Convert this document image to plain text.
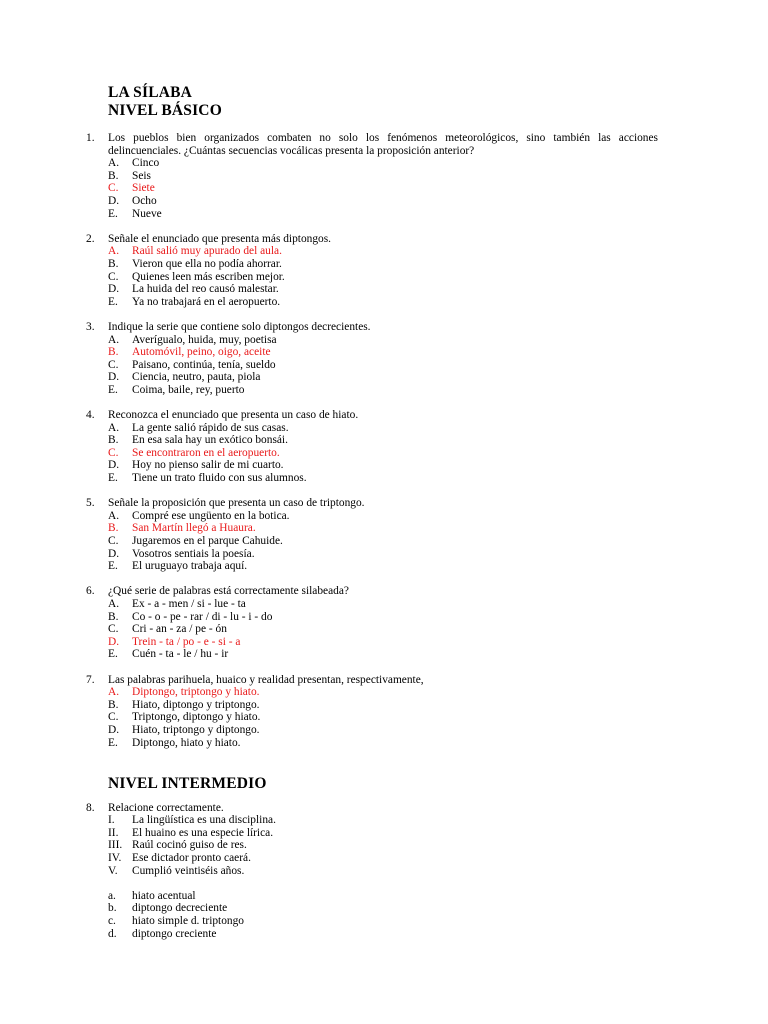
LA SÍLABA
NIVEL BÁSICO
1. Los pueblos bien organizados combaten no solo los fenómenos meteorológicos, sino también las acciones delincuenciales. ¿Cuántas secuencias vocálicas presenta la proposición anterior?
A. Cinco
B. Seis
C. Siete
D. Ocho
E. Nueve
2. Señale el enunciado que presenta más diptongos.
A. Raúl salió muy apurado del aula.
B. Vieron que ella no podía ahorrar.
C. Quienes leen más escriben mejor.
D. La huida del reo causó malestar.
E. Ya no trabajará en el aeropuerto.
3. Indique la serie que contiene solo diptongos decrecientes.
A. Averígualo, huida, muy, poetisa
B. Automóvil, peino, oigo, aceite
C. Paisano, continúa, tenía, sueldo
D. Ciencia, neutro, pauta, piola
E. Coima, baile, rey, puerto
4. Reconozca el enunciado que presenta un caso de hiato.
A. La gente salió rápido de sus casas.
B. En esa sala hay un exótico bonsái.
C. Se encontraron en el aeropuerto.
D. Hoy no pienso salir de mi cuarto.
E. Tiene un trato fluido con sus alumnos.
5. Señale la proposición que presenta un caso de triptongo.
A. Compré ese ungüento en la botica.
B. San Martín llegó a Huaura.
C. Jugaremos en el parque Cahuide.
D. Vosotros sentiais la poesía.
E. El uruguayo trabaja aquí.
6. ¿Qué serie de palabras está correctamente silabeada?
A. Ex - a - men / si - lue - ta
B. Co - o - pe - rar / di - lu - i - do
C. Cri - an - za / pe - ón
D. Trein - ta / po - e - si - a
E. Cuén - ta - le / hu - ir
7. Las palabras parihuela, huaico y realidad presentan, respectivamente,
A. Diptongo, triptongo y hiato.
B. Hiato, diptongo y triptongo.
C. Triptongo, diptongo y hiato.
D. Hiato, triptongo y diptongo.
E. Diptongo, hiato y hiato.
NIVEL INTERMEDIO
8. Relacione correctamente.
I. La lingüística es una disciplina.
II. El huaino es una especie lírica.
III. Raúl cocinó guiso de res.
IV. Ese dictador pronto caerá.
V. Cumplió veintiséis años.
a. hiato acentual
b. diptongo decreciente
c. hiato simple d. triptongo
d. diptongo creciente
